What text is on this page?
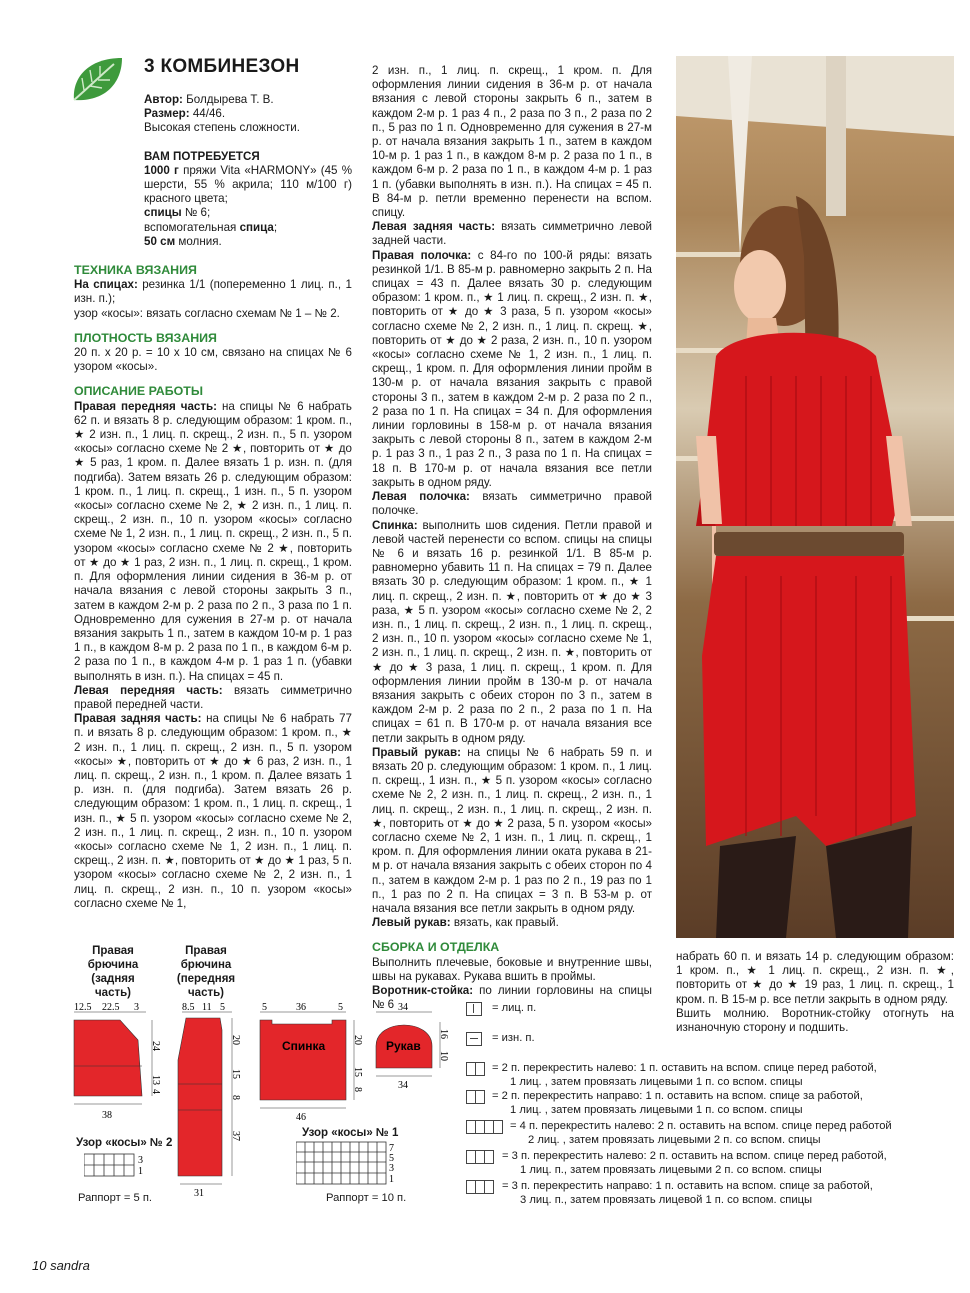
3 КОМБИНЕЗОН

Автор: Болдырева Т. В.

Размер: 44/46.

Высокая степень сложности.

ВАМ ПОТРЕБУЕТСЯ

1000 г пряжи Vita «HARMONY» (45 % шерсти, 55 % акрила; 110 м/100 г) красного цвета;

спицы № 6;

вспомогательная спица;

50 см молния.

ТЕХНИКА ВЯЗАНИЯ

На спицах: резинка 1/1 (попеременно 1 лиц. п., 1 изн. п.);

узор «косы»: вязать согласно схемам № 1 – № 2.

ПЛОТНОСТЬ ВЯЗАНИЯ

20 п. х 20 р. = 10 х 10 см, связано на спицах № 6 узором «косы».

ОПИСАНИЕ РАБОТЫ

Правая передняя часть: на спицы № 6 набрать 62 п. и вязать 8 р. следующим образом: 1 кром. п., ★ 2 изн. п., 1 лиц. п. скрещ., 2 изн. п., 5 п. узором «косы» согласно схеме № 2 ★, повторить от ★ до ★ 5 раз, 1 кром. п. Далее вязать 1 р. изн. п. (для подгиба). Затем вязать 26 р. следующим образом: 1 кром. п., 1 лиц. п. скрещ., 1 изн. п., 5 п. узором «косы» согласно схеме № 2, ★ 2 изн. п., 1 лиц. п. скрещ., 2 изн. п., 10 п. узором «косы» согласно схеме № 1, 2 изн. п., 1 лиц. п. скрещ., 2 изн. п., 5 п. узором «косы» согласно схеме № 2 ★, повторить от ★ до ★ 1 раз, 2 изн. п., 1 лиц. п. скрещ., 1 кром. п. Для оформления линии сидения в 36-м р. от начала вязания с левой стороны закрыть 3 п., затем в каждом 2-м р. 2 раза по 2 п., 3 раза по 1 п. Одновременно для сужения в 27-м р. от начала вязания закрыть 1 п., затем в каждом 10-м р. 1 раз 1 п., в каждом 8-м р. 2 раза по 1 п., в каждом 6-м р. 2 раза по 1 п., в каждом 4-м р. 1 раз 1 п. (убавки выполнять в изн. п.). На спицах = 45 п.

Левая передняя часть: вязать симметрично правой передней части.

Правая задняя часть: на спицы № 6 набрать 77 п. и вязать 8 р. следующим образом: 1 кром. п., ★ 2 изн. п., 1 лиц. п. скрещ., 2 изн. п., 5 п. узором «косы» ★, повторить от ★ до ★ 6 раз, 2 изн. п., 1 лиц. п. скрещ., 2 изн. п., 1 кром. п. Далее вязать 1 р. изн. п. (для подгиба). Затем вязать 26 р. следующим образом: 1 кром. п., 1 лиц. п. скрещ., 1 изн. п., ★ 5 п. узором «косы» согласно схеме № 2, 2 изн. п., 1 лиц. п. скрещ., 2 изн. п., 10 п. узором «косы» согласно схеме № 1, 2 изн. п., 1 лиц. п. скрещ., 2 изн. п. ★, повторить от ★ до ★ 1 раз, 5 п. узором «косы» согласно схеме № 2, 2 изн. п., 1 лиц. п. скрещ., 2 изн. п., 10 п. узором «косы» согласно схеме № 1,

2 изн. п., 1 лиц. п. скрещ., 1 кром. п. Для оформления линии сидения в 36-м р. от начала вязания с левой стороны закрыть 6 п., затем в каждом 2-м р. 1 раз 4 п., 2 раза по 3 п., 2 раза по 2 п., 5 раз по 1 п. Одновременно для сужения в 27-м р. от начала вязания закрыть 1 п., затем в каждом 10-м р. 1 раз 1 п., в каждом 8-м р. 2 раза по 1 п., в каждом 6-м р. 2 раза по 1 п., в каждом 4-м р. 1 раз 1 п. (убавки выполнять в изн. п.). На спицах = 45 п. В 84-м р. петли временно перенести на вспом. спицу.

Левая задняя часть: вязать симметрично левой задней части.

Правая полочка: с 84-го по 100-й ряды: вязать резинкой 1/1. В 85-м р. равномерно закрыть 2 п. На спицах = 43 п. Далее вязать 30 р. следующим образом: 1 кром. п., ★ 1 лиц. п. скрещ., 2 изн. п. ★, повторить от ★ до ★ 3 раза, 5 п. узором «косы» согласно схеме № 2, 2 изн. п., 1 лиц. п. скрещ. ★, повторить от ★ до ★ 2 раза, 2 изн. п., 10 п. узором «косы» согласно схеме № 1, 2 изн. п., 1 лиц. п. скрещ., 1 кром. п. Для оформления линии пройм в 130-м р. от начала вязания закрыть с правой стороны 3 п., затем в каждом 2-м р. 2 раза по 2 п., 2 раза по 1 п. На спицах = 34 п. Для оформления линии горловины в 158-м р. от начала вязания закрыть с левой стороны 8 п., затем в каждом 2-м р. 1 раз 3 п., 1 раз 2 п., 3 раза по 1 п. На спицах = 18 п. В 170-м р. от начала вязания все петли закрыть в одном ряду.

Левая полочка: вязать симметрично правой полочке.

Спинка: выполнить шов сидения. Петли правой и левой частей перенести со вспом. спицы на спицы № 6 и вязать 16 р. резинкой 1/1. В 85-м р. равномерно убавить 11 п. На спицах = 79 п. Далее вязать 30 р. следующим образом: 1 кром. п., ★ 1 лиц. п. скрещ., 2 изн. п. ★, повторить от ★ до ★ 3 раза, ★ 5 п. узором «косы» согласно схеме № 2, 2 изн. п., 1 лиц. п. скрещ., 2 изн. п., 1 лиц. п. скрещ., 2 изн. п., 10 п. узором «косы» согласно схеме № 1, 2 изн. п., 1 лиц. п. скрещ., 2 изн. п. ★, повторить от ★ до ★ 3 раза, 1 лиц. п. скрещ., 1 кром. п. Для оформления линии пройм в 130-м р. от начала вязания закрыть с обеих сторон по 3 п., затем в каждом 2-м р. 2 раза по 2 п., 2 раза по 1 п. На спицах = 61 п. В 170-м р. от начала вязания все петли закрыть в одном ряду.

Правый рукав: на спицы № 6 набрать 59 п. и вязать 20 р. следующим образом: 1 кром. п., 1 лиц. п. скрещ., 1 изн. п., ★ 5 п. узором «косы» согласно схеме № 2, 2 изн. п., 1 лиц. п. скрещ., 2 изн. п., 1 лиц. п. скрещ., 2 изн. п., 1 лиц. п. скрещ., 2 изн. п. ★, повторить от ★ до ★ 2 раза, 5 п. узором «косы» согласно схеме № 2, 1 изн. п., 1 лиц. п. скрещ., 1 кром. п. Для оформления линии оката рукава в 21-м р. от начала вязания закрыть с обеих сторон по 4 п., затем в каждом 2-м р. 1 раз по 2 п., 19 раз по 1 п., 1 раз по 2 п. На спицах = 3 п. В 53-м р. от начала вязания все петли закрыть в одном ряду.

Левый рукав: вязать, как правый.

СБОРКА И ОТДЕЛКА

Выполнить плечевые, боковые и внутренние швы, швы на рукавах. Рукава вшить в проймы.

Воротник-стойка: по линии горловины на спицы № 6

набрать 60 п. и вязать 14 р. следующим образом: 1 кром. п., ★ 1 лиц. п. скрещ., 2 изн. п. ★, повторить от ★ до ★ 19 раз, 1 лиц. п. скрещ., 1 кром. п. В 15-м р. все петли закрыть в одном ряду.

Вшить молнию. Воротник-стойку отогнуть на изнаночную сторону и подшить.

Правая брючина (задняя часть)
Правая брючина (передняя часть)
12.5 22.5 3
24
13
4
38
8.5 11 5
20
15
8
37
31
Спинка
5	36	5
20
15
8
46
Рукав
34
16
10
34
Узор «косы» № 2
3
1
Раппорт = 5 п.
Узор «косы» № 1
7
5
3
1
Раппорт = 10 п.
= лиц. п.
= изн. п.
= 2 п. перекрестить налево: 1 п. оставить на вспом. спице перед работой,
1 лиц. , затем провязать лицевыми 1 п. со вспом. спицы
= 2 п. перекрестить направо: 1 п. оставить на вспом. спице за работой,
1 лиц. , затем провязать лицевыми 1 п. со вспом. спицы
= 4 п. перекрестить налево: 2 п. оставить на вспом. спице перед работой
2 лиц. , затем провязать лицевыми 2 п. со вспом. спицы
= 3 п. перекрестить налево: 2 п. оставить на вспом. спице перед работой,
1 лиц. п., затем провязать лицевыми 2 п. со вспом. спицы
= 3 п. перекрестить направо: 1 п. оставить на вспом. спице за работой,
3 лиц. п., затем провязать лицевой 1 п. со вспом. спицы
10 sandra
